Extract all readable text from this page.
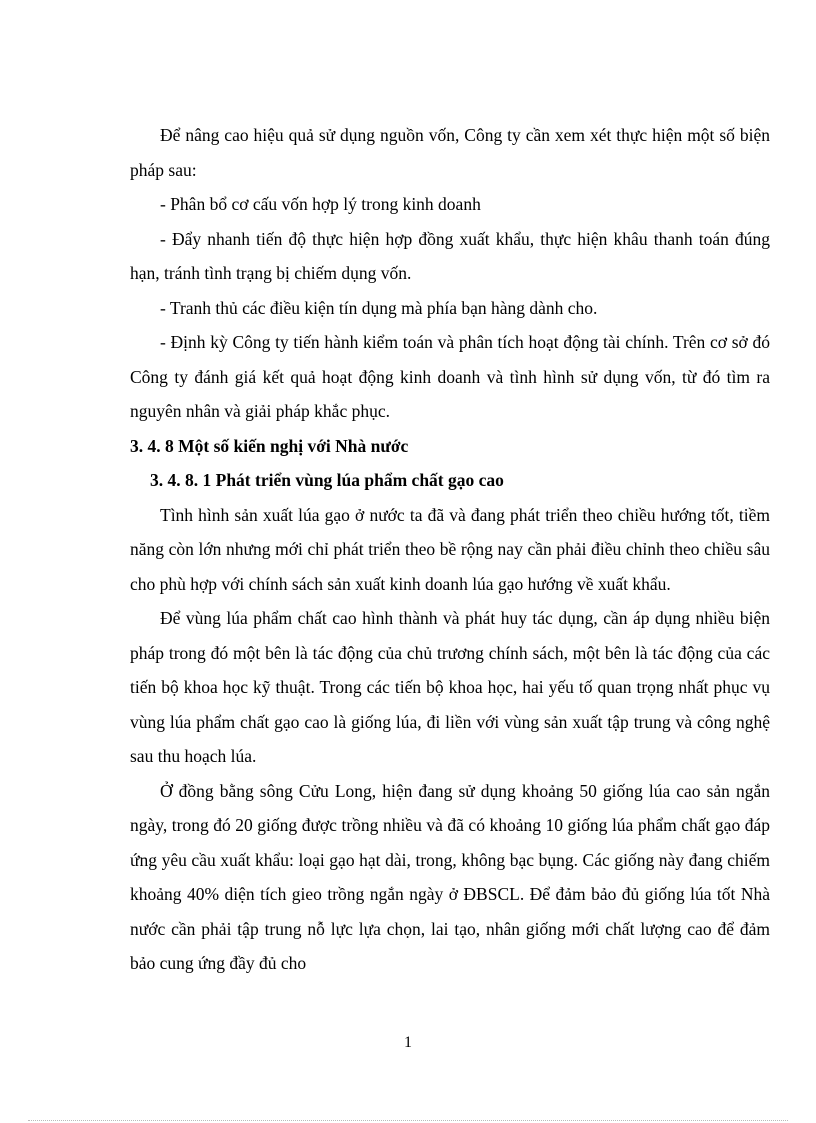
Để nâng cao hiệu quả sử dụng nguồn vốn, Công ty cần xem xét thực hiện một số biện pháp sau:

- Phân bổ cơ cấu vốn hợp lý trong kinh doanh

- Đẩy nhanh tiến độ thực hiện hợp đồng xuất khẩu, thực hiện khâu thanh toán đúng hạn, tránh tình trạng bị chiếm dụng vốn.

- Tranh thủ các điều kiện tín dụng mà phía bạn hàng dành cho.

- Định kỳ Công ty tiến hành kiểm toán và phân tích hoạt động tài chính. Trên cơ sở đó Công ty đánh giá kết quả hoạt động kinh doanh và tình hình sử dụng vốn, từ đó tìm ra nguyên nhân và giải pháp khắc phục.

3. 4. 8 Một số kiến nghị với Nhà nước

3. 4. 8. 1 Phát triển vùng lúa phẩm chất gạo cao

Tình hình sản xuất lúa gạo ở nước ta đã và đang phát triển theo chiều hướng tốt, tiềm năng còn lớn nhưng mới chỉ phát triển theo bề rộng nay cần phải điều chỉnh theo chiều sâu cho phù hợp với chính sách sản xuất kinh doanh lúa gạo hướng về xuất khẩu.

Để vùng lúa phẩm chất cao hình thành và phát huy tác dụng, cần áp dụng nhiều biện pháp trong đó một bên là tác động của chủ trương chính sách, một bên là tác động của các tiến bộ khoa học kỹ thuật. Trong các tiến bộ khoa học, hai yếu tố quan trọng nhất phục vụ vùng lúa phẩm chất gạo cao là giống lúa, đi liền với vùng sản xuất tập trung và công nghệ sau thu hoạch lúa.

Ở đồng bằng sông Cửu Long, hiện đang sử dụng khoảng 50 giống lúa cao sản ngắn ngày, trong đó 20 giống được trồng nhiều và đã có khoảng 10 giống lúa phẩm chất gạo đáp ứng yêu cầu xuất khẩu: loại gạo hạt dài, trong, không bạc bụng. Các giống này đang chiếm khoảng 40% diện tích gieo trồng ngắn ngày ở ĐBSCL. Để đảm bảo đủ giống lúa tốt Nhà nước cần phải tập trung nỗ lực lựa chọn, lai tạo, nhân giống mới chất lượng cao để đảm bảo cung ứng đầy đủ cho

1
